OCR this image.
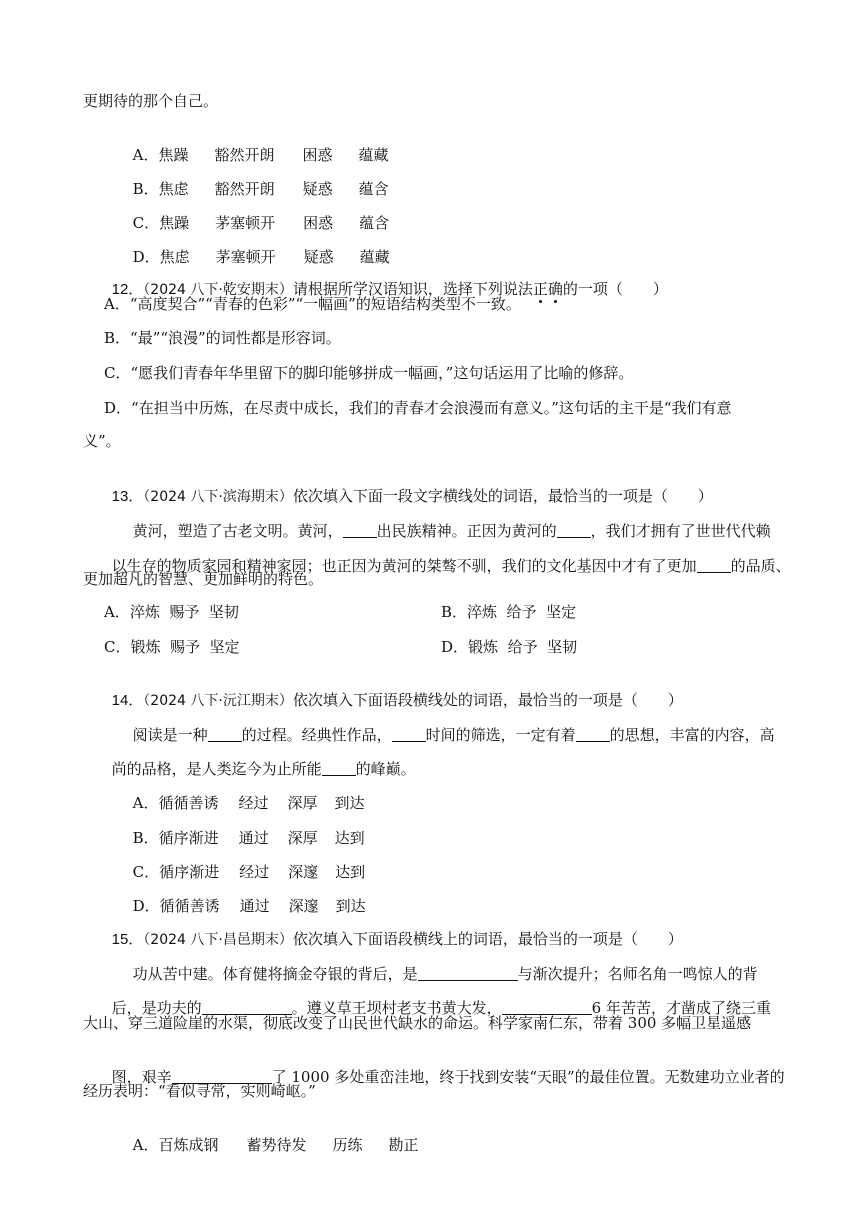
更期待的那个自己。

A．焦躁 豁然开朗 困惑 蕴藏

B．焦虑 豁然开朗 疑惑 蕴含

C．焦躁 茅塞顿开 困惑 蕴含

D．焦虑 茅塞顿开 疑惑 蕴藏

12．（2024 八下·乾安期末）请根据所学汉语知识，选择下列说法正确的一项（　　）

A．“高度契合”“青春的色彩”“一幅画”的短语结构类型不一致。
B．“最”“浪漫”的词性都是形容词。
C．“愿我们青春年华里留下的脚印能够拼成一幅画，”这句话运用了比喻的修辞。
D．“在担当中历炼，在尽责中成长，我们的青春才会浪漫而有意义。”这句话的主干是“我们有意
义”。

13．（2024 八下·滨海期末）依次填入下面一段文字横线处的词语，最恰当的一项是（　　）

黄河，塑造了古老文明。黄河， 出民族精神。正因为黄河的 ，我们才拥有了世世代代赖

以生存的物质家园和精神家园；也正因为黄河的桀骜不驯，我们的文化基因中才有了更加 的品质、

更加超凡的智慧、更加鲜明的特色。
A．淬炼  赐予  坚韧	B．淬炼  给予  坚定
C．锻炼  赐予  坚定	D．锻炼  给予  坚韧

14．（2024 八下·沅江期末）依次填入下面语段横线处的词语，最恰当的一项是（　　）

阅读是一种 的过程。经典性作品， 时间的筛选，一定有着 的思想，丰富的内容，高

尚的品格，是人类迄今为止所能 的峰巅。

A．循循善诱 经过 深厚 到达

B．循序渐进 通过 深厚 达到

C．循序渐进 经过 深邃 达到

D．循循善诱 通过 深邃 到达

15．（2024 八下·昌邑期末）依次填入下面语段横线上的词语，最恰当的一项是（　　）

功从苦中建。体育健将摘金夺银的背后，是	与渐次提升；名师名角一鸣惊人的背

后，是功夫的	。遵义草王坝村老支书黄大发，	6 年苦苦，才凿成了绕三重

大山、穿三道险崖的水渠，彻底改变了山民世代缺水的命运。科学家南仁东，带着 300 多幅卫星遥感

图，艰辛	了 1000 多处重峦洼地，终于找到安装“天眼”的最佳位置。无数建功立业者的

经历表明：“看似寻常，实则崎岖。”

A．百炼成钢 蓄势待发 历练 勘正
